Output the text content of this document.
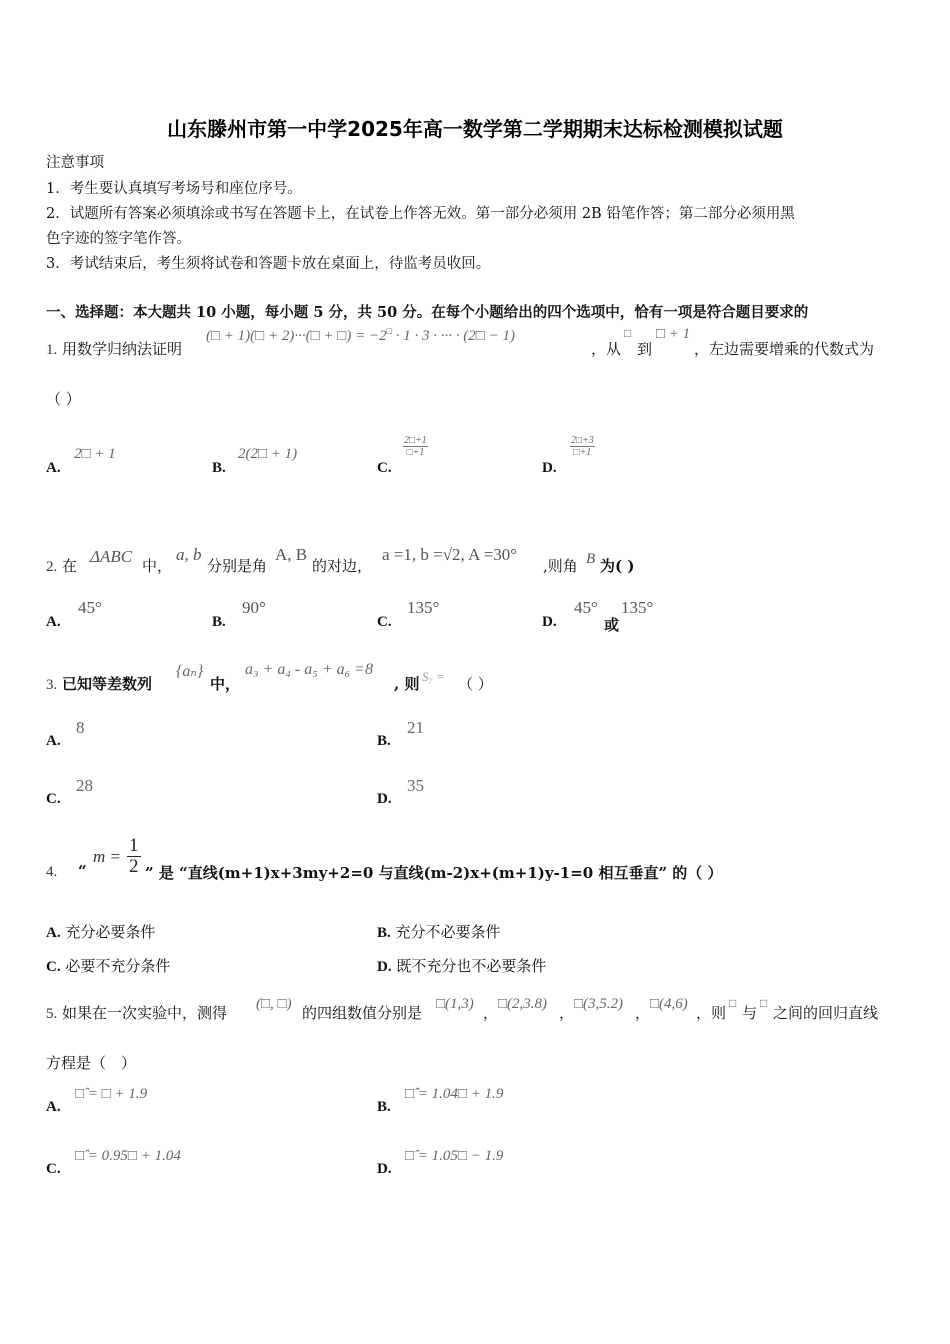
山东滕州市第一中学2025年高一数学第二学期期末达标检测模拟试题
注意事项
1．考生要认真填写考场号和座位序号。
2．试题所有答案必须填涂或书写在答题卡上，在试卷上作答无效。第一部分必须用 2B 铅笔作答；第二部分必须用黑
色字迹的签字笔作答。
3．考试结束后，考生须将试卷和答题卡放在桌面上，待监考员收回。
一、选择题：本大题共 10 小题，每小题 5 分，共 50 分。在每个小题给出的四个选项中，恰有一项是符合题目要求的
1. 用数学归纳法证明
(□ + 1)(□ + 2)···(□ + □) = −2□ · 1 · 3 · ··· · (2□ − 1)
，从
□
到
□ + 1
，左边需要增乘的代数式为
（ ）
A.
2□ + 1
B.
2(2□ + 1)
C.
$\frac{2□+1}{□+1}$
D.
$\frac{2□+3}{□+1}$
2. 在 ΔABC 中，
a, b
分别是角
A, B
的对边，
a =1, b =√2, A =30°
,则角 B 为( )
A.
45°
B.
90°
C.
135°
D.
45°
或
135°
3. 已知等差数列
{aₙ}
中，
a₃ + a₄ - a₅ + a₆ =8
, 则 S₇ = （ ）
A.
8
B.
21
C.
28
D.
35
4. “
$m = \frac{1}{2}$ ” 是 “直线(m+1)x+3my+2=0 与直线(m-2)x+(m+1)y-1=0 相互垂直” 的（ ）
A. 充分必要条件	B. 充分不必要条件
C. 必要不充分条件	D. 既不充分也不必要条件
5. 如果在一次实验中，测得 (□, □) 的四组数值分别是 □(1,3) ， □(2,3.8) ， □(3,5.2) ， □(4,6) ，则
□
与
□
之间的回归直线
方程是（　）
A.
□̂ = □ + 1.9
B.
□̂ = 1.04□ + 1.9
C.
□̂ = 0.95□ + 1.04
D.
□̂ = 1.05□ − 1.9
